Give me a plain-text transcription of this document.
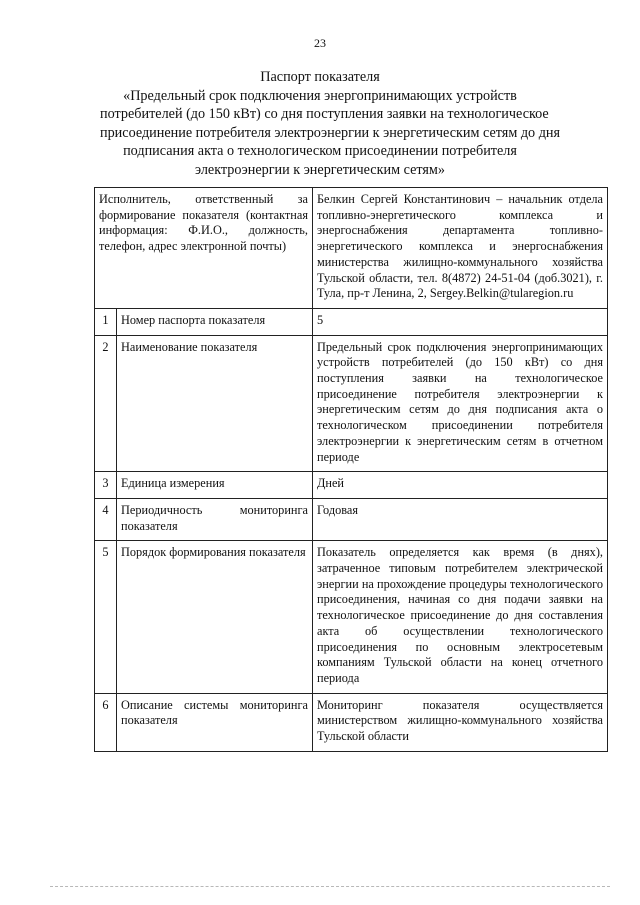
23
Паспорт показателя
«Предельный срок подключения энергопринимающих устройств
потребителей (до 150 кВт) со дня поступления заявки на технологическое
присоединение потребителя электроэнергии к энергетическим сетям до дня
подписания акта о технологическом присоединении потребителя
электроэнергии к энергетическим сетям»
Исполнитель, ответственный за формирование показателя (контактная информация: Ф.И.О., должность, телефон, адрес электронной почты)		Белкин Сергей Константинович – начальник отдела топливно-энергетического комплекса и энергоснабжения департамента топливно-энергетического комплекса и энергоснабжения министерства жилищно-коммунального хозяйства Тульской области, тел. 8(4872) 24-51-04 (доб.3021), г. Тула, пр-т Ленина, 2, Sergey.Belkin@tularegion.ru
1	Номер паспорта показателя	5
2	Наименование показателя	Предельный срок подключения энергопринимающих устройств потребителей (до 150 кВт) со дня поступления заявки на технологическое присоединение потребителя электроэнергии к энергетическим сетям до дня подписания акта о технологическом присоединении потребителя электроэнергии к энергетическим сетям в отчетном периоде
3	Единица измерения	Дней
4	Периодичность мониторинга показателя	Годовая
5	Порядок формирования показателя	Показатель определяется как время (в днях), затраченное типовым потребителем электрической энергии на прохождение процедуры технологического присоединения, начиная со дня подачи заявки на технологическое присоединение до дня составления акта об осуществлении технологического присоединения по основным электросетевым компаниям Тульской области на конец отчетного периода
6	Описание системы мониторинга показателя	Мониторинг показателя осуществляется министерством жилищно-коммунального хозяйства Тульской области
